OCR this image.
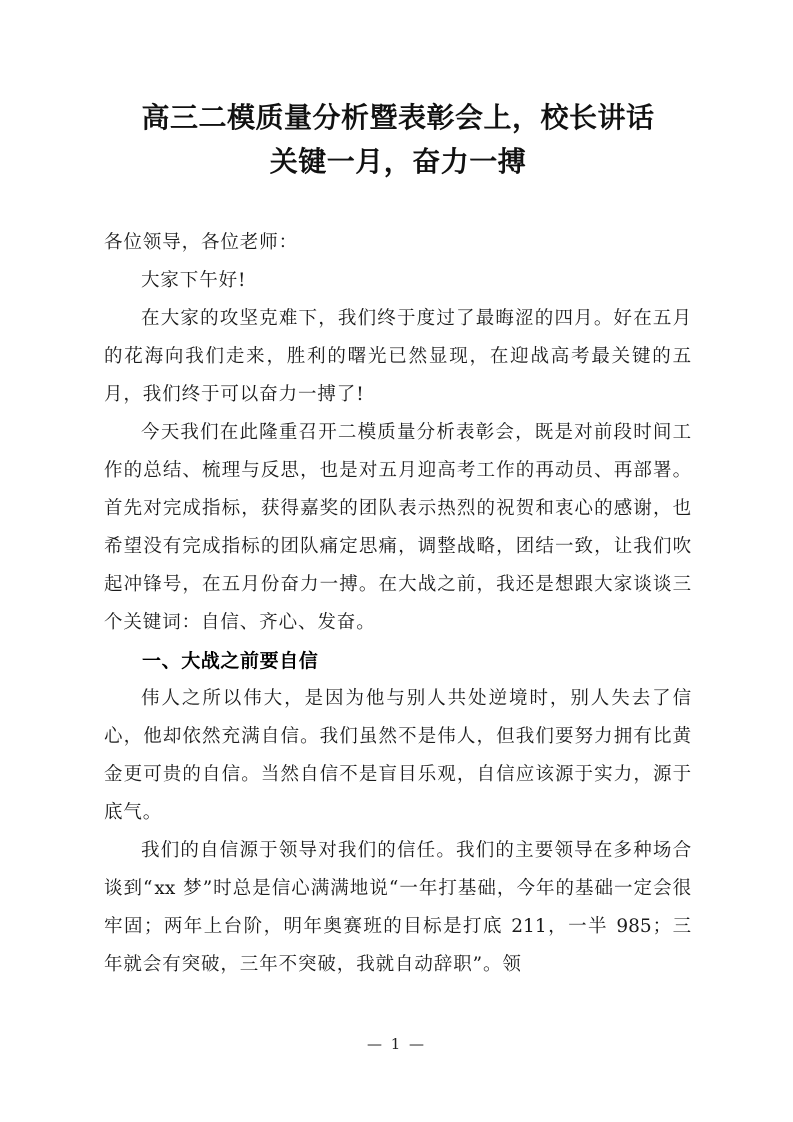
高三二模质量分析暨表彰会上，校长讲话
关键一月，奋力一搏

各位领导，各位老师：

大家下午好!

在大家的攻坚克难下，我们终于度过了最晦涩的四月。好在五月的花海向我们走来，胜利的曙光已然显现，在迎战高考最关键的五月，我们终于可以奋力一搏了!

今天我们在此隆重召开二模质量分析表彰会，既是对前段时间工作的总结、梳理与反思，也是对五月迎高考工作的再动员、再部署。首先对完成指标，获得嘉奖的团队表示热烈的祝贺和衷心的感谢，也希望没有完成指标的团队痛定思痛，调整战略，团结一致，让我们吹起冲锋号，在五月份奋力一搏。在大战之前，我还是想跟大家谈谈三个关键词：自信、齐心、发奋。

一、大战之前要自信

伟人之所以伟大，是因为他与别人共处逆境时，别人失去了信心，他却依然充满自信。我们虽然不是伟人，但我们要努力拥有比黄金更可贵的自信。当然自信不是盲目乐观，自信应该源于实力，源于底气。

我们的自信源于领导对我们的信任。我们的主要领导在多种场合谈到“xx 梦”时总是信心满满地说“一年打基础，今年的基础一定会很牢固；两年上台阶，明年奥赛班的目标是打底 211，一半 985；三年就会有突破，三年不突破，我就自动辞职”。领

— 1 —
